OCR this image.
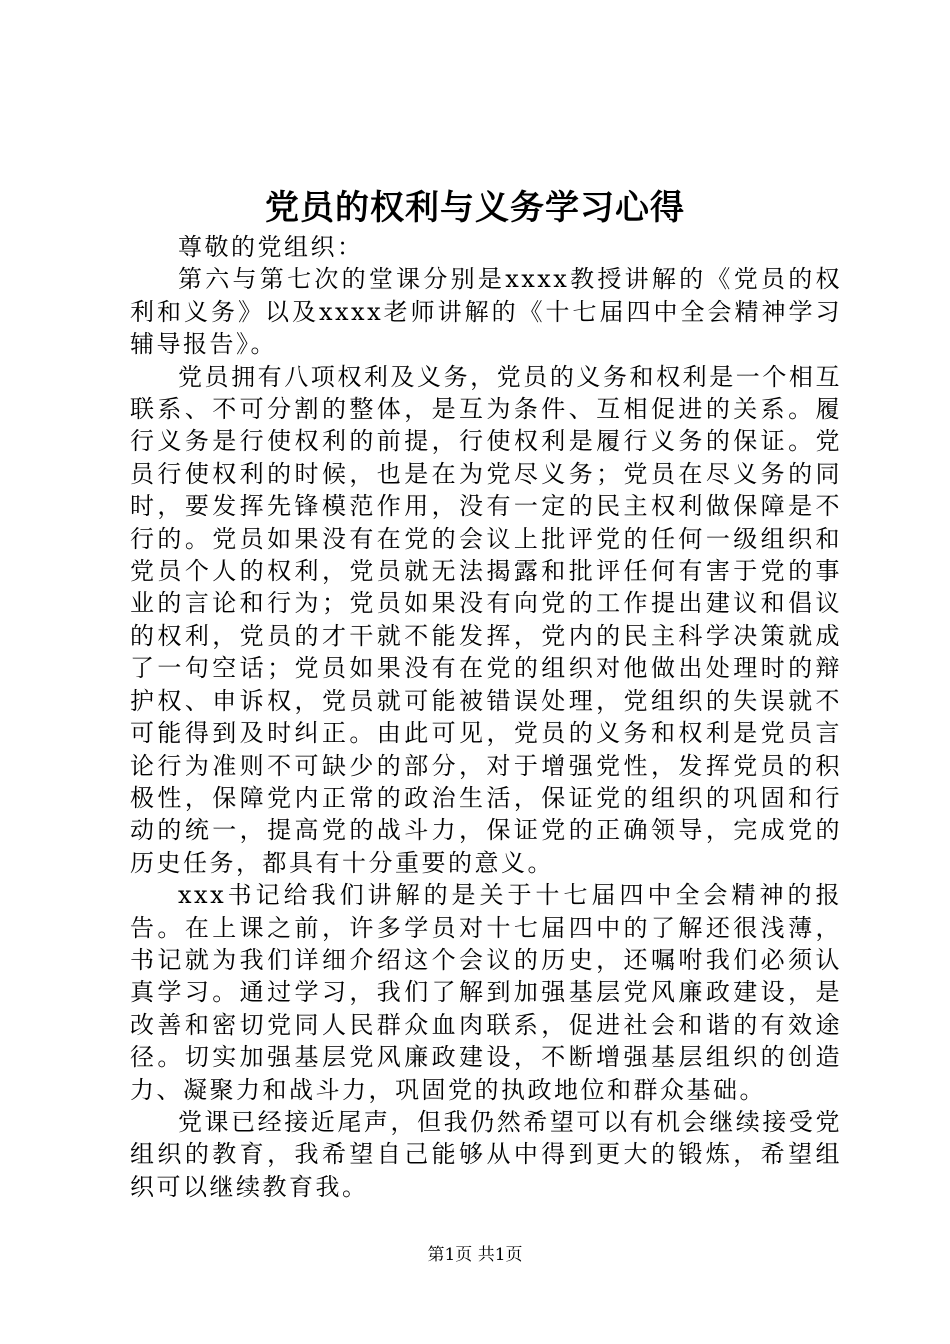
党员的权利与义务学习心得

尊敬的党组织：

第六与第七次的堂课分别是xxxx教授讲解的《党员的权利和义务》以及xxxx老师讲解的《十七届四中全会精神学习辅导报告》。

党员拥有八项权利及义务，党员的义务和权利是一个相互联系、不可分割的整体，是互为条件、互相促进的关系。履行义务是行使权利的前提，行使权利是履行义务的保证。党员行使权利的时候，也是在为党尽义务；党员在尽义务的同时，要发挥先锋模范作用，没有一定的民主权利做保障是不行的。党员如果没有在党的会议上批评党的任何一级组织和党员个人的权利，党员就无法揭露和批评任何有害于党的事业的言论和行为；党员如果没有向党的工作提出建议和倡议的权利，党员的才干就不能发挥，党内的民主科学决策就成了一句空话；党员如果没有在党的组织对他做出处理时的辩护权、申诉权，党员就可能被错误处理，党组织的失误就不可能得到及时纠正。由此可见，党员的义务和权利是党员言论行为准则不可缺少的部分，对于增强党性，发挥党员的积极性，保障党内正常的政治生活，保证党的组织的巩固和行动的统一，提高党的战斗力，保证党的正确领导，完成党的历史任务，都具有十分重要的意义。

xxx书记给我们讲解的是关于十七届四中全会精神的报告。在上课之前，许多学员对十七届四中的了解还很浅薄，书记就为我们详细介绍这个会议的历史，还嘱咐我们必须认真学习。通过学习，我们了解到加强基层党风廉政建设，是改善和密切党同人民群众血肉联系，促进社会和谐的有效途径。切实加强基层党风廉政建设，不断增强基层组织的创造力、凝聚力和战斗力，巩固党的执政地位和群众基础。

党课已经接近尾声，但我仍然希望可以有机会继续接受党组织的教育，我希望自己能够从中得到更大的锻炼，希望组织可以继续教育我。

第1页 共1页
